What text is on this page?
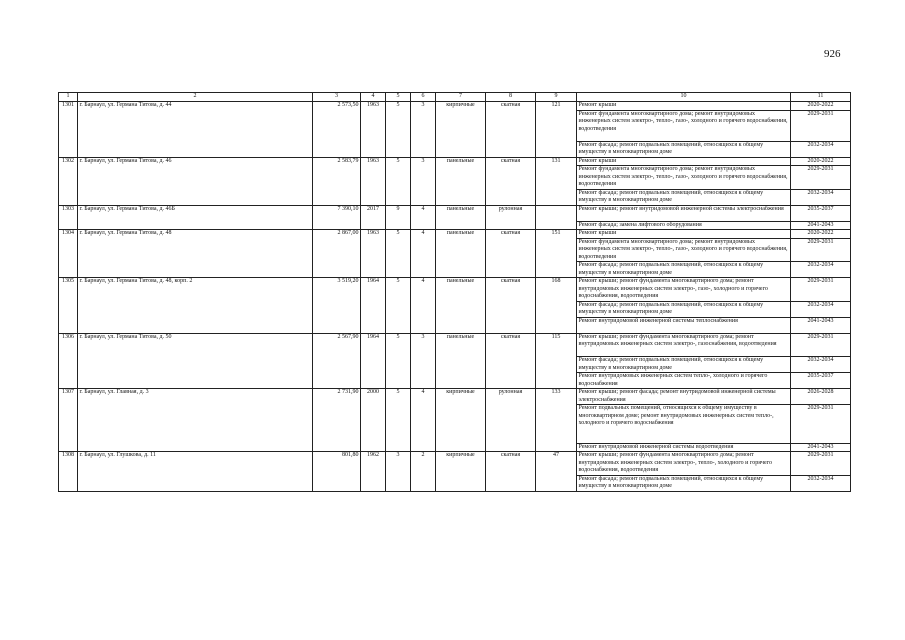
926
1	2	3	4	5	6	7	8	9	10	11
1301	г. Барнаул, ул. Германа Титова, д. 44	2 573,50	1963	5	3	кирпичные	скатная	121	Ремонт крыши	2020-2022
									Ремонт фундамента многоквартирного дома; ремонт внутридомовых инженерных систем электро-, тепло-, газо-, холодного и горячего водоснабжения, водоотведения	2029-2031
									Ремонт фасада; ремонт подвальных помещений, относящихся к общему имуществу в многоквартирном доме	2032-2034
1302	г. Барнаул, ул. Германа Титова, д. 46	2 583,79	1963	5	3	панельные	скатная	131	Ремонт крыши	2020-2022
									Ремонт фундамента многоквартирного дома; ремонт внутридомовых инженерных систем электро-, тепло-, газо-, холодного и горячего водоснабжения, водоотведения	2029-2031
									Ремонт фасада; ремонт подвальных помещений, относящихся к общему имуществу в многоквартирном доме	2032-2034
1303	г. Барнаул, ул. Германа Титова, д. 46Б	7 390,10	2017	9	4	панельные	рулонная		Ремонт крыши; ремонт внутридомовой инженерной системы электроснабжения	2035-2037
									Ремонт фасада; замена лифтового оборудования	2041-2043
1304	г. Барнаул, ул. Германа Титова, д. 48	2 867,00	1963	5	4	панельные	скатная	151	Ремонт крыши	2020-2022
									Ремонт фундамента многоквартирного дома; ремонт внутридомовых инженерных систем электро-, тепло-, газо-, холодного и горячего водоснабжения, водоотведения	2029-2031
									Ремонт фасада; ремонт подвальных помещений, относящихся к общему имуществу в многоквартирном доме	2032-2034
1305	г. Барнаул, ул. Германа Титова, д. 48, корп. 2	3 519,20	1964	5	4	панельные	скатная	168	Ремонт крыши; ремонт фундамента многоквартирного дома; ремонт внутридомовых инженерных систем электро-, газо-, холодного и горячего водоснабжения, водоотведения	2029-2031
									Ремонт фасада; ремонт подвальных помещений, относящихся к общему имуществу в многоквартирном доме	2032-2034
									Ремонт внутридомовой инженерной системы теплоснабжения	2041-2043
1306	г. Барнаул, ул. Германа Титова, д. 50	2 567,90	1964	5	3	панельные	скатная	115	Ремонт крыши; ремонт фундамента многоквартирного дома; ремонт внутридомовых инженерных систем электро-, газоснабжения, водоотведения	2029-2031
									Ремонт фасада; ремонт подвальных помещений, относящихся к общему имуществу в многоквартирном доме	2032-2034
									Ремонт внутридомовых инженерных систем тепло-, холодного и горячего водоснабжения	2035-2037
1307	г. Барнаул, ул. Главная, д. 3	2 731,90	2000	5	4	кирпичные	рулонная	133	Ремонт крыши; ремонт фасада; ремонт внутридомовой инженерной системы электроснабжения	2026-2028
									Ремонт подвальных помещений, относящихся к общему имуществу в многоквартирном доме; ремонт внутридомовых инженерных систем тепло-, холодного и горячего водоснабжения	2029-2031
									Ремонт внутридомовой инженерной системы водоотведения	2041-2043
1308	г. Барнаул, ул. Глушкова, д. 11	801,80	1962	3	2	кирпичные	скатная	47	Ремонт крыши; ремонт фундамента многоквартирного дома; ремонт внутридомовых инженерных систем электро-, тепло-, холодного и горячего водоснабжения, водоотведения	2029-2031
									Ремонт фасада; ремонт подвальных помещений, относящихся к общему имуществу в многоквартирном доме	2032-2034
